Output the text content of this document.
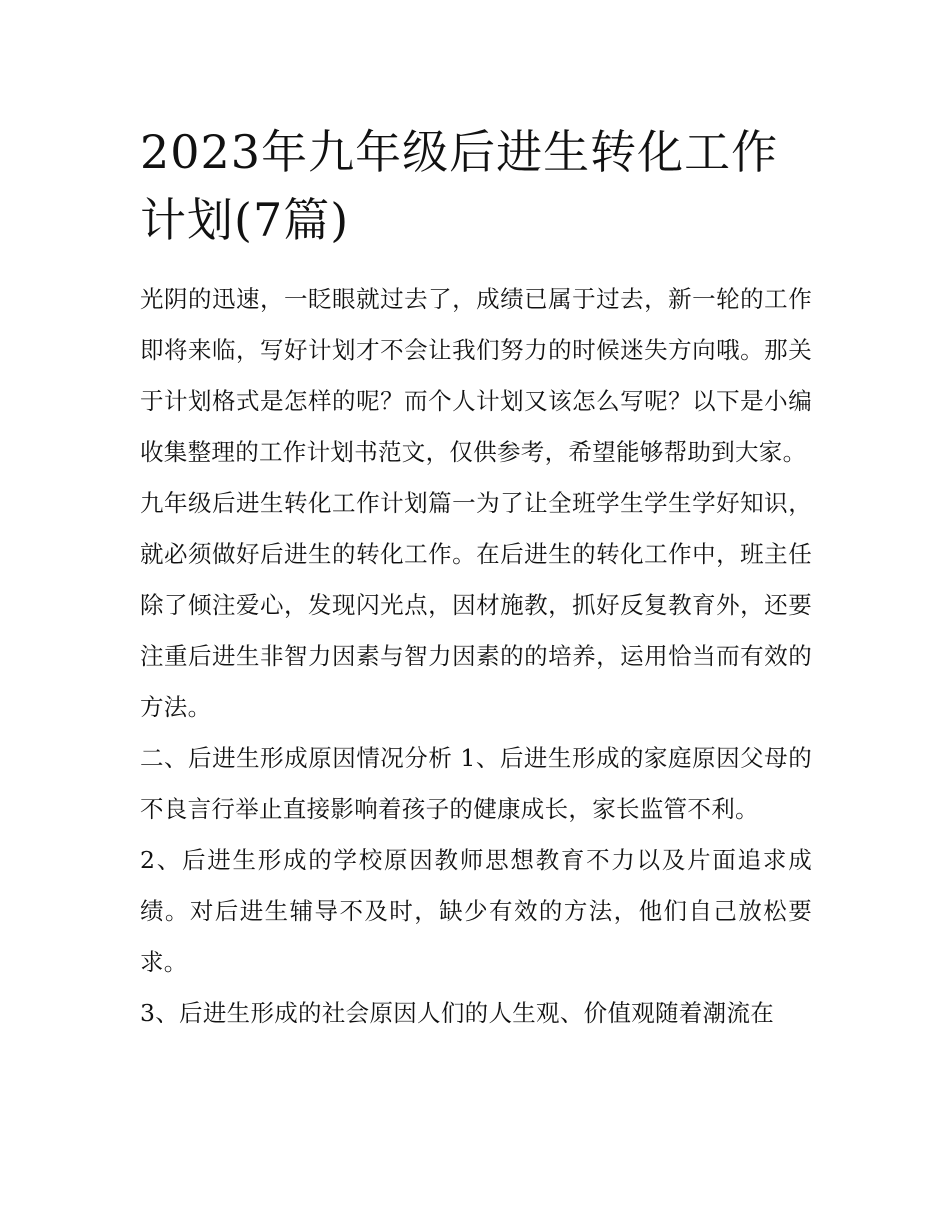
2023年九年级后进生转化工作计划(7篇)

光阴的迅速，一眨眼就过去了，成绩已属于过去，新一轮的工作即将来临，写好计划才不会让我们努力的时候迷失方向哦。那关于计划格式是怎样的呢？而个人计划又该怎么写呢？以下是小编收集整理的工作计划书范文，仅供参考，希望能够帮助到大家。

九年级后进生转化工作计划篇一为了让全班学生学生学好知识，就必须做好后进生的转化工作。在后进生的转化工作中，班主任除了倾注爱心，发现闪光点，因材施教，抓好反复教育外，还要注重后进生非智力因素与智力因素的的培养，运用恰当而有效的方法。

二、后进生形成原因情况分析 1、后进生形成的家庭原因父母的不良言行举止直接影响着孩子的健康成长，家长监管不利。

2、后进生形成的学校原因教师思想教育不力以及片面追求成绩。对后进生辅导不及时，缺少有效的方法，他们自己放松要求。

3、后进生形成的社会原因人们的人生观、价值观随着潮流在
